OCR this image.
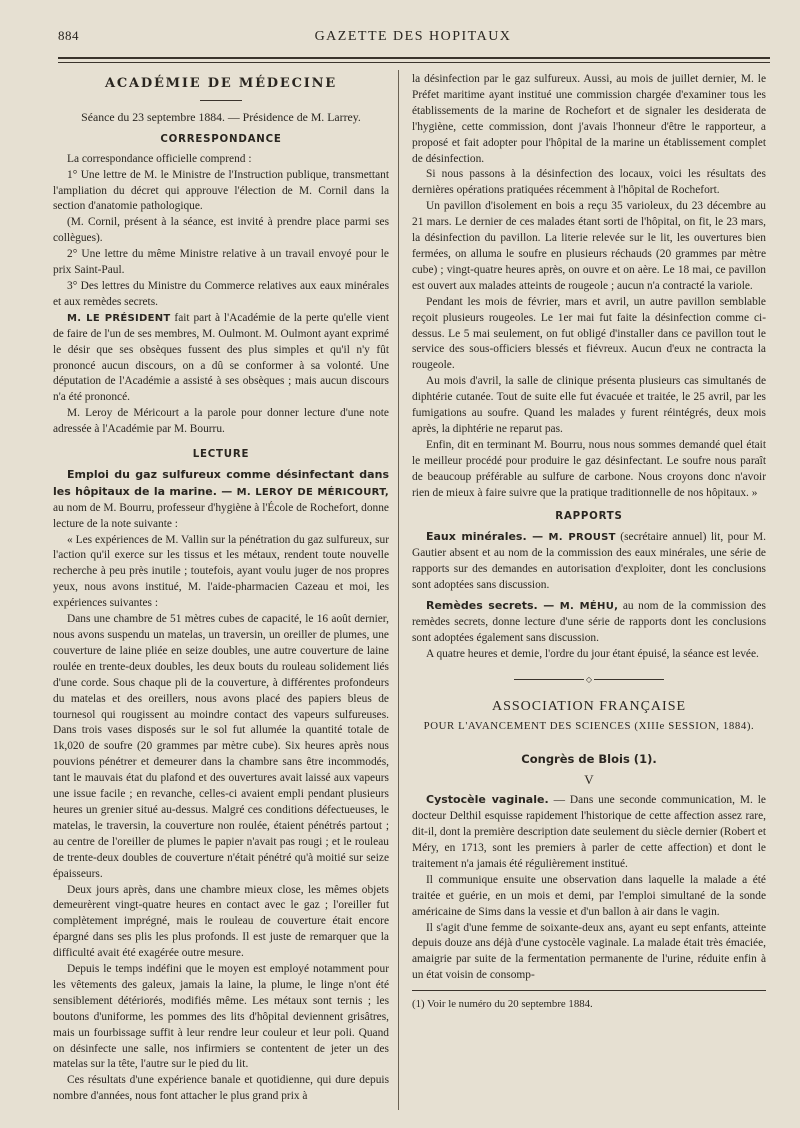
884	GAZETTE DES HOPITAUX
ACADÉMIE DE MÉDECINE
Séance du 23 septembre 1884. — Présidence de M. Larrey.
CORRESPONDANCE

La correspondance officielle comprend :

1° Une lettre de M. le Ministre de l'Instruction publique, transmettant l'ampliation du décret qui approuve l'élection de M. Cornil dans la section d'anatomie pathologique.

(M. Cornil, présent à la séance, est invité à prendre place parmi ses collègues).

2° Une lettre du même Ministre relative à un travail envoyé pour le prix Saint-Paul.

3° Des lettres du Ministre du Commerce relatives aux eaux minérales et aux remèdes secrets.

M. LE PRÉSIDENT fait part à l'Académie de la perte qu'elle vient de faire de l'un de ses membres, M. Oulmont. M. Oulmont ayant exprimé le désir que ses obsèques fussent des plus simples et qu'il n'y fût prononcé aucun discours, on a dû se conformer à sa volonté. Une députation de l'Académie a assisté à ses obsèques ; mais aucun discours n'a été prononcé.

M. Leroy de Méricourt a la parole pour donner lecture d'une note adressée à l'Académie par M. Bourru.

LECTURE

Emploi du gaz sulfureux comme désinfectant dans les hôpitaux de la marine. — M. LEROY DE MÉRICOURT, au nom de M. Bourru, professeur d'hygiène à l'École de Rochefort, donne lecture de la note suivante :

« Les expériences de M. Vallin sur la pénétration du gaz sulfureux, sur l'action qu'il exerce sur les tissus et les métaux, rendent toute nouvelle recherche à peu près inutile ; toutefois, ayant voulu juger de nos propres yeux, nous avons institué, M. l'aide-pharmacien Cazeau et moi, les expériences suivantes :

Dans une chambre de 51 mètres cubes de capacité, le 16 août dernier, nous avons suspendu un matelas, un traversin, un oreiller de plumes, une couverture de laine pliée en seize doubles, une autre couverture de laine roulée en trente-deux doubles, les deux bouts du rouleau solidement liés d'une corde. Sous chaque pli de la couverture, à différentes profondeurs du matelas et des oreillers, nous avons placé des papiers bleus de tournesol qui rougissent au moindre contact des vapeurs sulfureuses. Dans trois vases disposés sur le sol fut allumée la quantité totale de 1k,020 de soufre (20 grammes par mètre cube). Six heures après nous pouvions pénétrer et demeurer dans la chambre sans être incommodés, tant le mauvais état du plafond et des ouvertures avait laissé aux vapeurs une issue facile ; en revanche, celles-ci avaient empli pendant plusieurs heures un grenier situé au-dessus. Malgré ces conditions défectueuses, le matelas, le traversin, la couverture non roulée, étaient pénétrés partout ; au centre de l'oreiller de plumes le papier n'avait pas rougi ; et le rouleau de trente-deux doubles de couverture n'était pénétré qu'à moitié sur seize épaisseurs.

Deux jours après, dans une chambre mieux close, les mêmes objets demeurèrent vingt-quatre heures en contact avec le gaz ; l'oreiller fut complètement imprégné, mais le rouleau de couverture était encore épargné dans ses plis les plus profonds. Il est juste de remarquer que la difficulté avait été exagérée outre mesure.

Depuis le temps indéfini que le moyen est employé notamment pour les vêtements des galeux, jamais la laine, la plume, le linge n'ont été sensiblement détériorés, modifiés même. Les métaux sont ternis ; les boutons d'uniforme, les pommes des lits d'hôpital deviennent grisâtres, mais un fourbissage suffit à leur rendre leur couleur et leur poli. Quand on désinfecte une salle, nos infirmiers se contentent de jeter un des matelas sur la tête, l'autre sur le pied du lit.

Ces résultats d'une expérience banale et quotidienne, qui dure depuis nombre d'années, nous font attacher le plus grand prix à

la désinfection par le gaz sulfureux. Aussi, au mois de juillet dernier, M. le Préfet maritime ayant institué une commission chargée d'examiner tous les établissements de la marine de Rochefort et de signaler les desiderata de l'hygiène, cette commission, dont j'avais l'honneur d'être le rapporteur, a proposé et fait adopter pour l'hôpital de la marine un établissement complet de désinfection.

Si nous passons à la désinfection des locaux, voici les résultats des dernières opérations pratiquées récemment à l'hôpital de Rochefort.

Un pavillon d'isolement en bois a reçu 35 varioleux, du 23 décembre au 21 mars. Le dernier de ces malades étant sorti de l'hôpital, on fit, le 23 mars, la désinfection du pavillon. La literie relevée sur le lit, les ouvertures bien fermées, on alluma le soufre en plusieurs réchauds (20 grammes par mètre cube) ; vingt-quatre heures après, on ouvre et on aère. Le 18 mai, ce pavillon est ouvert aux malades atteints de rougeole ; aucun n'a contracté la variole.

Pendant les mois de février, mars et avril, un autre pavillon semblable reçoit plusieurs rougeoles. Le 1er mai fut faite la désinfection comme ci-dessus. Le 5 mai seulement, on fut obligé d'installer dans ce pavillon tout le service des sous-officiers blessés et fiévreux. Aucun d'eux ne contracta la rougeole.

Au mois d'avril, la salle de clinique présenta plusieurs cas simultanés de diphtérie cutanée. Tout de suite elle fut évacuée et traitée, le 25 avril, par les fumigations au soufre. Quand les malades y furent réintégrés, deux mois après, la diphtérie ne reparut pas.

Enfin, dit en terminant M. Bourru, nous nous sommes demandé quel était le meilleur procédé pour produire le gaz désinfectant. Le soufre nous paraît de beaucoup préférable au sulfure de carbone. Nous croyons donc n'avoir rien de mieux à faire suivre que la pratique traditionnelle de nos hôpitaux. »

RAPPORTS

Eaux minérales. — M. PROUST (secrétaire annuel) lit, pour M. Gautier absent et au nom de la commission des eaux minérales, une série de rapports sur des demandes en autorisation d'exploiter, dont les conclusions sont adoptées sans discussion.

Remèdes secrets. — M. MÉHU, au nom de la commission des remèdes secrets, donne lecture d'une série de rapports dont les conclusions sont adoptées également sans discussion.

A quatre heures et demie, l'ordre du jour étant épuisé, la séance est levée.

◇
ASSOCIATION FRANÇAISE
POUR L'AVANCEMENT DES SCIENCES (XIIIe SESSION, 1884).
Congrès de Blois (1).
V

Cystocèle vaginale. — Dans une seconde communication, M. le docteur Delthil esquisse rapidement l'historique de cette affection assez rare, dit-il, dont la première description date seulement du siècle dernier (Robert et Méry, en 1713, sont les premiers à parler de cette affection) et dont le traitement n'a jamais été régulièrement institué.

Il communique ensuite une observation dans laquelle la malade a été traitée et guérie, en un mois et demi, par l'emploi simultané de la sonde américaine de Sims dans la vessie et d'un ballon à air dans le vagin.

Il s'agit d'une femme de soixante-deux ans, ayant eu sept enfants, atteinte depuis douze ans déjà d'une cystocèle vaginale. La malade était très émaciée, amaigrie par suite de la fermentation permanente de l'urine, réduite enfin à un état voisin de consomp-

(1) Voir le numéro du 20 septembre 1884.
